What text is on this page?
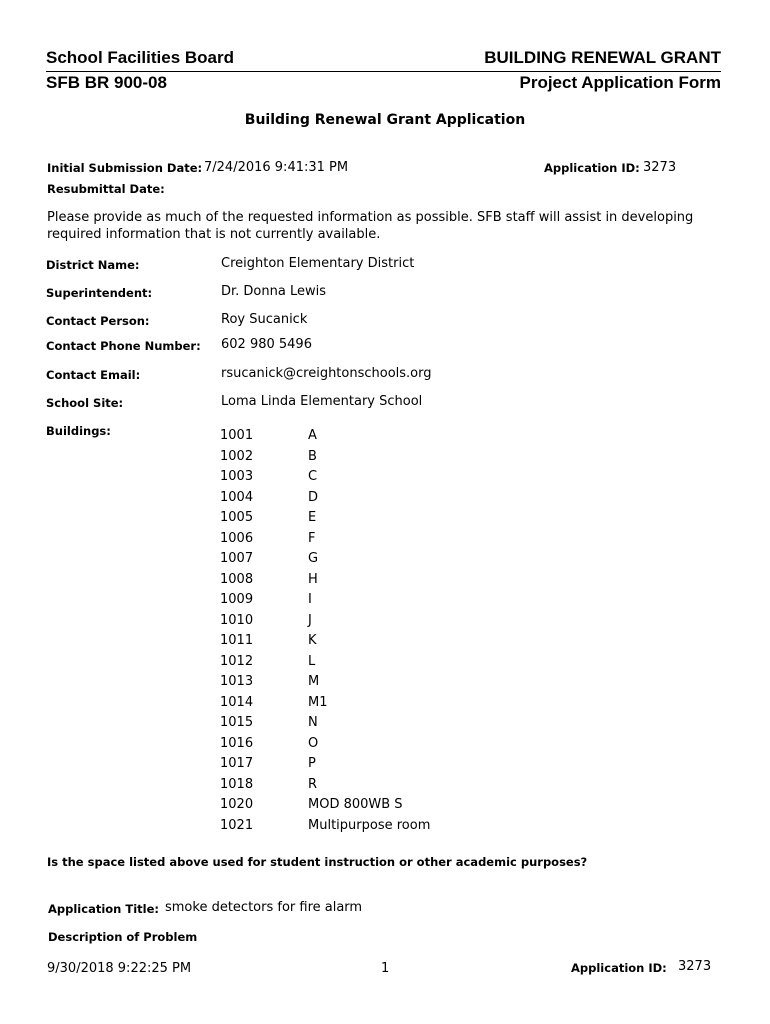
School Facilities Board	BUILDING RENEWAL GRANT
SFB BR 900-08	Project Application Form
Building Renewal Grant Application
Initial Submission Date: 7/24/2016 9:41:31 PM	Application ID: 3273
Resubmittal Date:
Please provide as much of the requested information as possible. SFB staff will assist in developing required information that is not currently available.
District Name:	Creighton Elementary District
Superintendent:	Dr. Donna Lewis
Contact Person:	Roy Sucanick
Contact Phone Number: 602 980 5496
Contact Email:	rsucanick@creightonschools.org
School Site:	Loma Linda Elementary School
Buildings:	1001	A
1002	B
1003	C
1004	D
1005	E
1006	F
1007	G
1008	H
1009	I
1010	J
1011	K
1012	L
1013	M
1014	M1
1015	N
1016	O
1017	P
1018	R
1020	MOD 800WB S
1021	Multipurpose room
Is the space listed above used for student instruction or other academic purposes?
Application Title: smoke detectors for fire alarm
Description of Problem
9/30/2018 9:22:25 PM	1	Application ID: 3273
